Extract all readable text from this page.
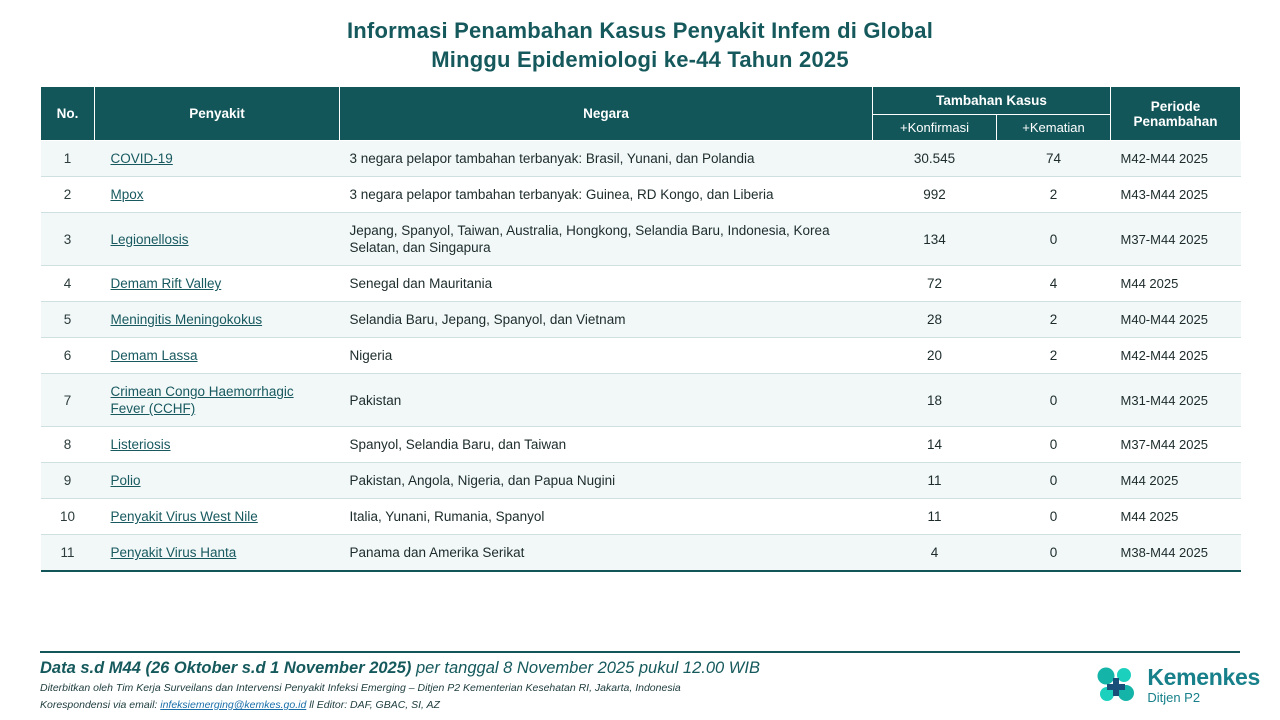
Informasi Penambahan Kasus Penyakit Infem di Global
Minggu Epidemiologi ke-44 Tahun 2025
No.	Penyakit	Negara	Tambahan Kasus		Periode Penambahan
			+Konfirmasi	+Kematian	
1	COVID-19	3 negara pelapor tambahan terbanyak: Brasil, Yunani, dan Polandia	30.545	74	M42-M44 2025
2	Mpox	3 negara pelapor tambahan terbanyak: Guinea, RD Kongo, dan Liberia	992	2	M43-M44 2025
3	Legionellosis	Jepang, Spanyol, Taiwan, Australia, Hongkong, Selandia Baru, Indonesia, Korea Selatan, dan Singapura	134	0	M37-M44 2025
4	Demam Rift Valley	Senegal dan Mauritania	72	4	M44 2025
5	Meningitis Meningokokus	Selandia Baru, Jepang, Spanyol, dan Vietnam	28	2	M40-M44 2025
6	Demam Lassa	Nigeria	20	2	M42-M44 2025
7	Crimean Congo Haemorrhagic Fever (CCHF)	Pakistan	18	0	M31-M44 2025
8	Listeriosis	Spanyol, Selandia Baru, dan Taiwan	14	0	M37-M44 2025
9	Polio	Pakistan, Angola, Nigeria, dan Papua Nugini	11	0	M44 2025
10	Penyakit Virus West Nile	Italia, Yunani, Rumania, Spanyol	11	0	M44 2025
11	Penyakit Virus Hanta	Panama dan Amerika Serikat	4	0	M38-M44 2025
Data s.d M44 (26 Oktober s.d 1 November 2025) per tanggal 8 November 2025 pukul 12.00 WIB
Diterbitkan oleh Tim Kerja Surveilans dan Intervensi Penyakit Infeksi Emerging – Ditjen P2 Kementerian Kesehatan RI, Jakarta, Indonesia
Korespondensi via email: infeksiemerging@kemkes.go.id ll Editor: DAF, GBAC, SI, AZ
Kemenkes
Ditjen P2
